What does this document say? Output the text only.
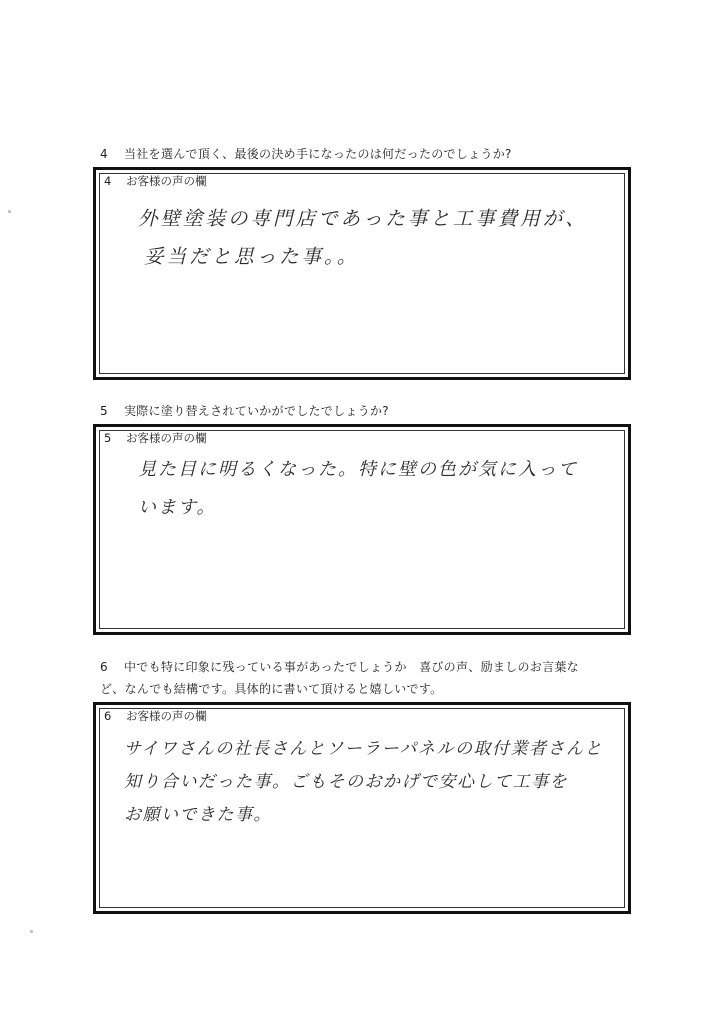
4 当社を選んで頂く、最後の決め手になったのは何だったのでしょうか?
4 お客様の声の欄
外壁塗装の専門店であった事と工事費用が、
妥当だと思った事。。
5 実際に塗り替えされていかがでしたでしょうか?
5 お客様の声の欄
見た目に明るくなった。特に壁の色が気に入って
います。
6 中でも特に印象に残っている事があったでしょうか　喜びの声、励ましのお言葉な
ど、なんでも結構です。具体的に書いて頂けると嬉しいです。
6 お客様の声の欄
サイワさんの社長さんとソーラーパネルの取付業者さんと
知り合いだった事。ごもそのおかげで安心して工事を
お願いできた事。
